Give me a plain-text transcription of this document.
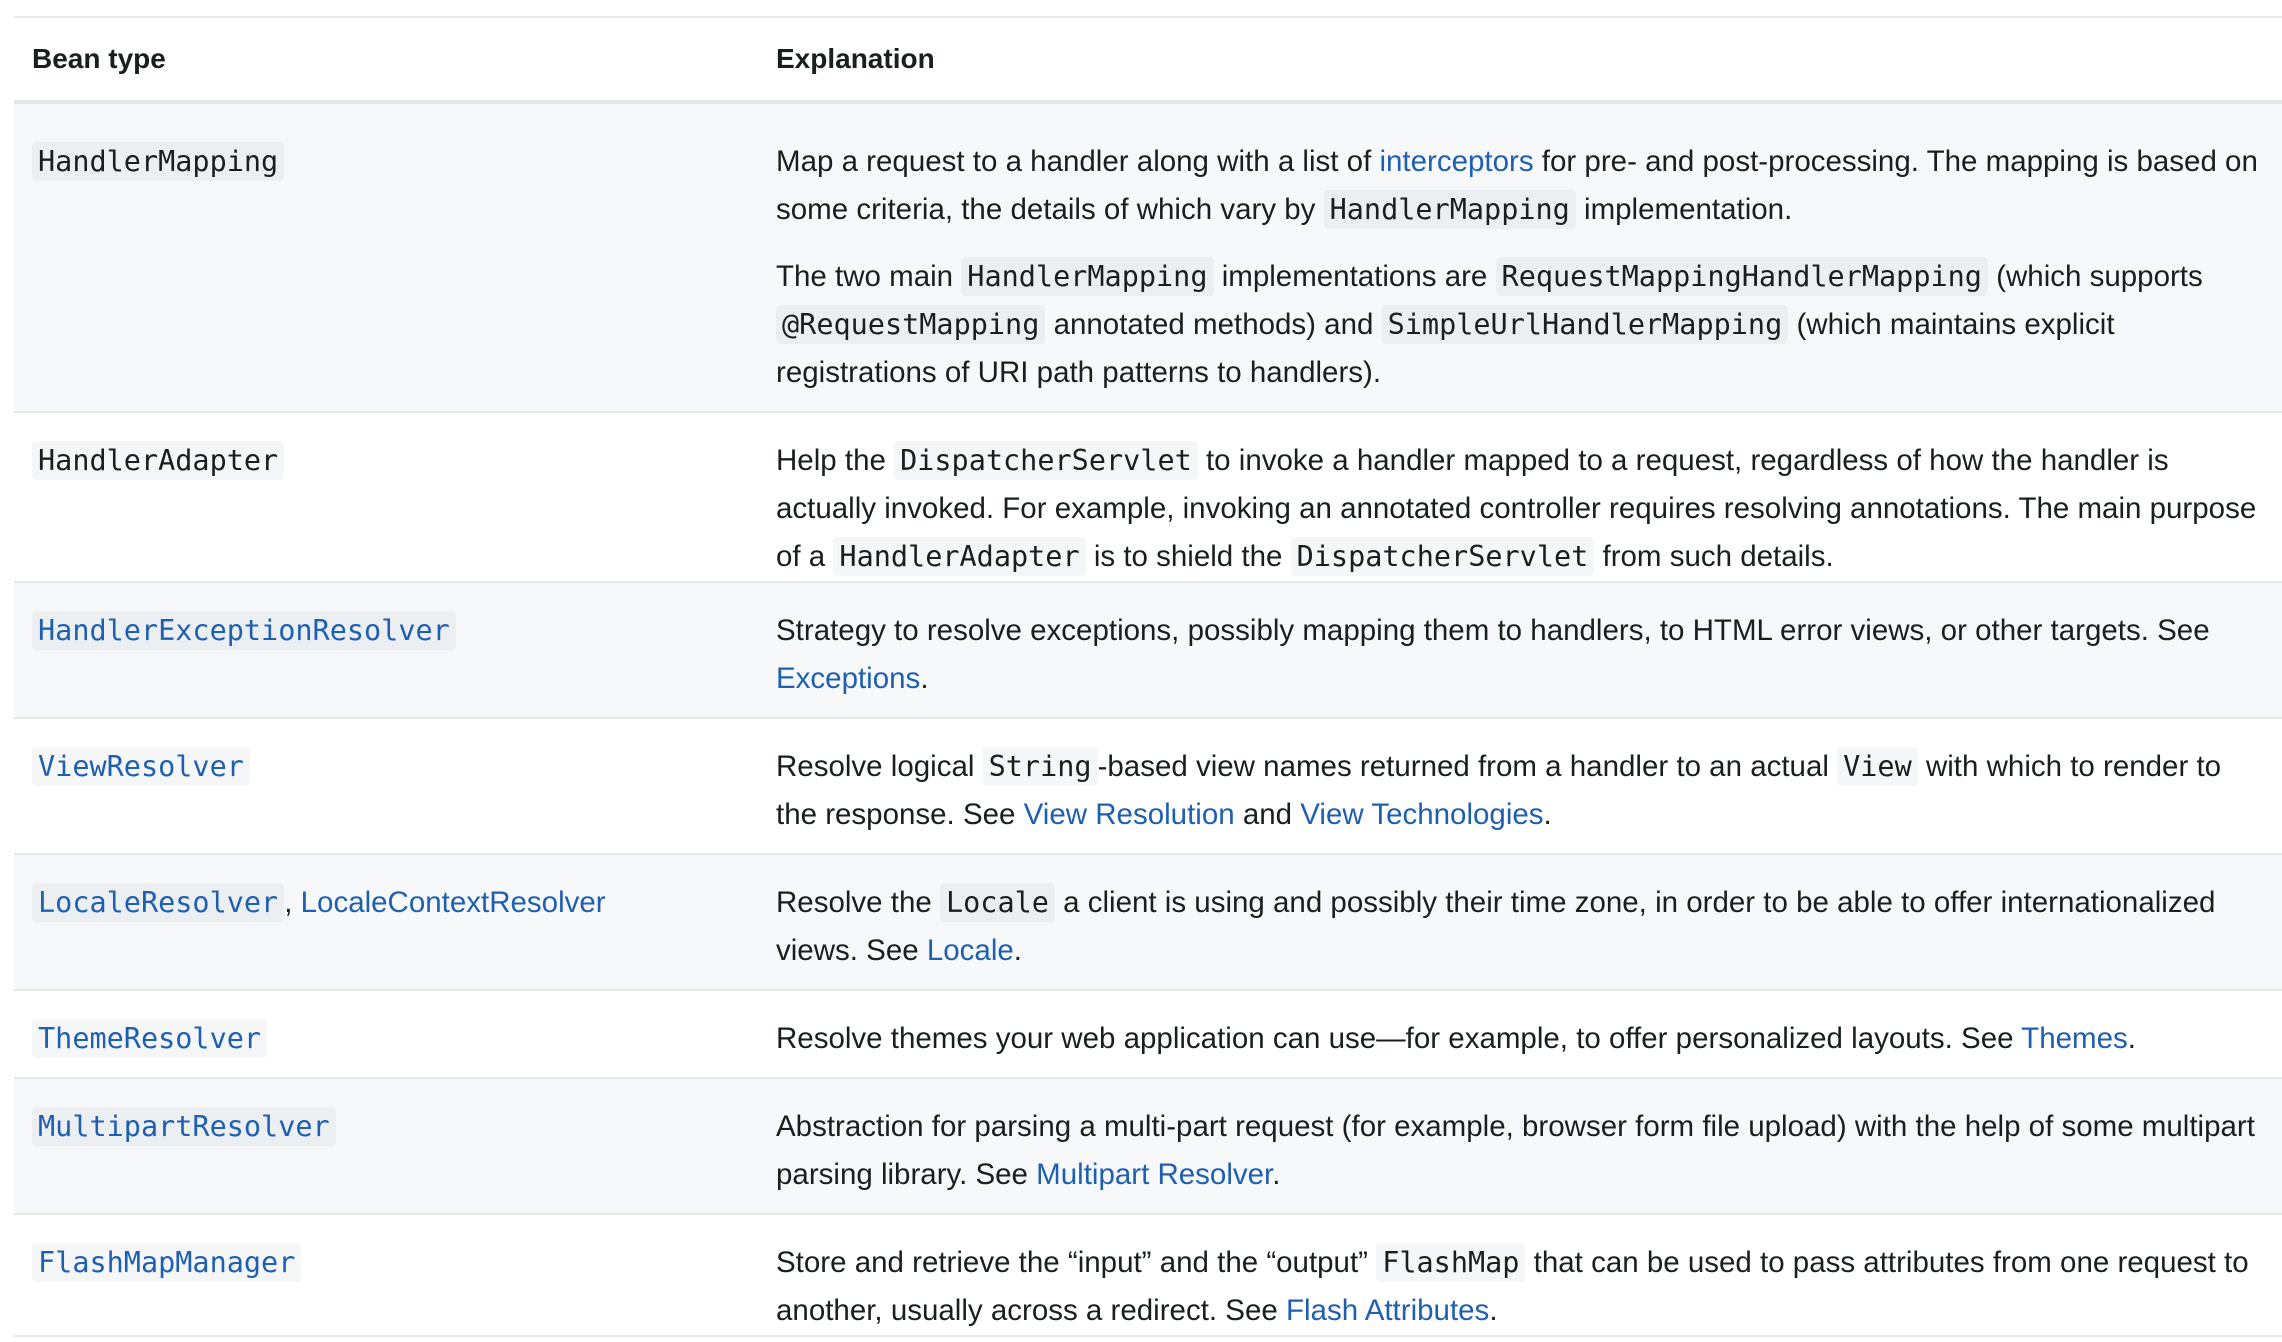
Bean type	Explanation
HandlerMapping	Map a request to a handler along with a list of interceptors for pre- and post-processing. The mapping is based on some criteria, the details of which vary by HandlerMapping implementation.

The two main HandlerMapping implementations are RequestMappingHandlerMapping (which supports @RequestMapping annotated methods) and SimpleUrlHandlerMapping (which maintains explicit registrations of URI path patterns to handlers).

HandlerAdapter	Help the DispatcherServlet to invoke a handler mapped to a request, regardless of how the handler is actually invoked. For example, invoking an annotated controller requires resolving annotations. The main purpose of a HandlerAdapter is to shield the DispatcherServlet from such details.

HandlerExceptionResolver	Strategy to resolve exceptions, possibly mapping them to handlers, to HTML error views, or other targets. See Exceptions.

ViewResolver	Resolve logical String -based view names returned from a handler to an actual View with which to render to the response. See View Resolution and View Technologies.

LocaleResolver , LocaleContextResolver	Resolve the Locale a client is using and possibly their time zone, in order to be able to offer internationalized views. See Locale.

ThemeResolver	Resolve themes your web application can use—for example, to offer personalized layouts. See Themes.

MultipartResolver	Abstraction for parsing a multi-part request (for example, browser form file upload) with the help of some multipart parsing library. See Multipart Resolver.

FlashMapManager	Store and retrieve the “input” and the “output” FlashMap that can be used to pass attributes from one request to another, usually across a redirect. See Flash Attributes.
